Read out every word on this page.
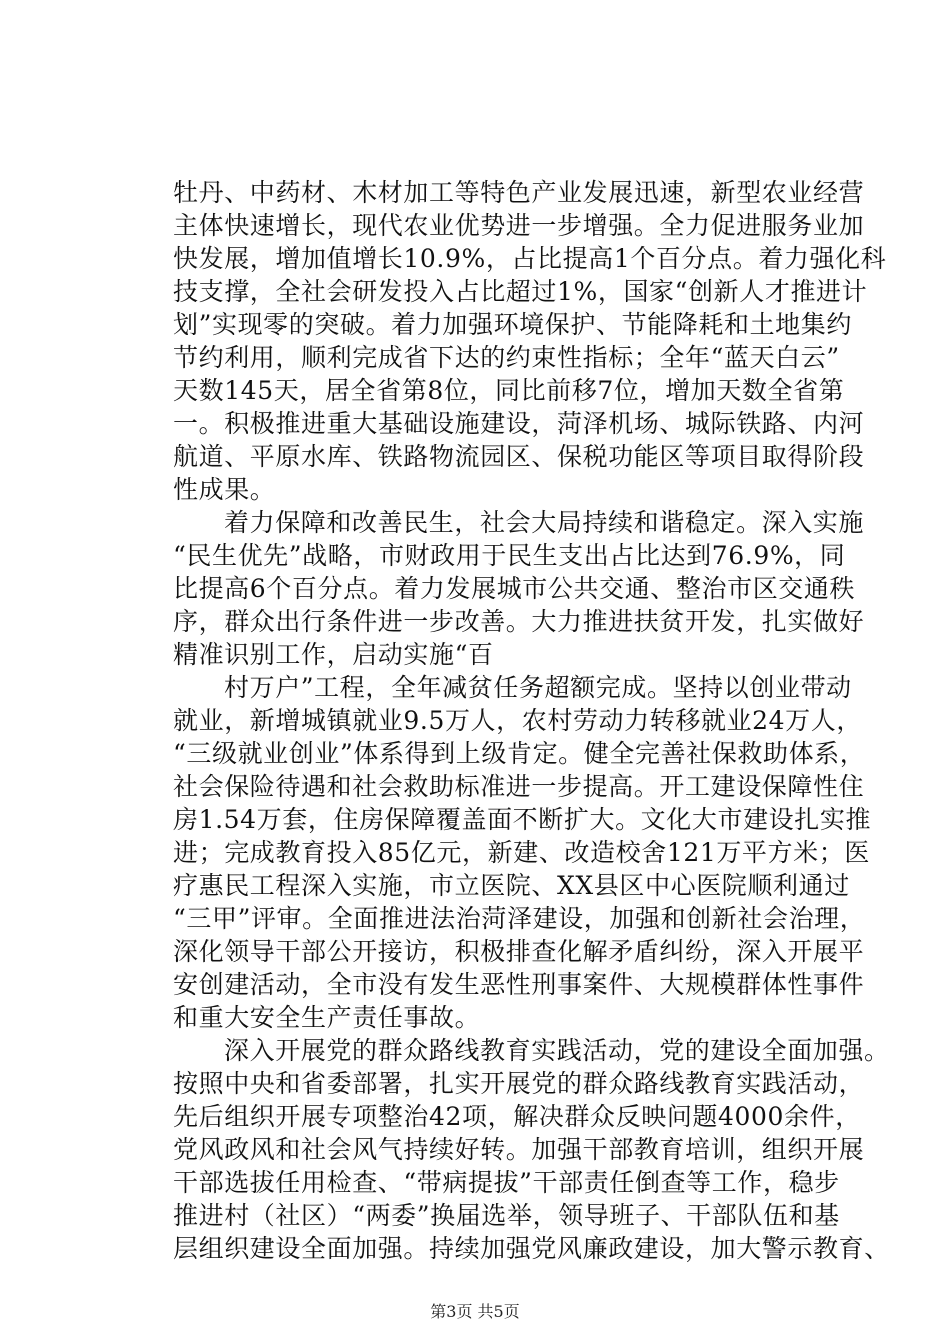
牡丹、中药材、木材加工等特色产业发展迅速，新型农业经营
主体快速增长，现代农业优势进一步增强。全力促进服务业加
快发展，增加值增长10.9%，占比提高1个百分点。着力强化科
技支撑，全社会研发投入占比超过1%，国家“创新人才推进计
划”实现零的突破。着力加强环境保护、节能降耗和土地集约
节约利用，顺利完成省下达的约束性指标；全年“蓝天白云”
天数145天，居全省第8位，同比前移7位，增加天数全省第
一。积极推进重大基础设施建设，菏泽机场、城际铁路、内河
航道、平原水库、铁路物流园区、保税功能区等项目取得阶段
性成果。
着力保障和改善民生，社会大局持续和谐稳定。深入实施
“民生优先”战略，市财政用于民生支出占比达到76.9%，同
比提高6个百分点。着力发展城市公共交通、整治市区交通秩
序，群众出行条件进一步改善。大力推进扶贫开发，扎实做好
精准识别工作，启动实施“百
村万户”工程，全年减贫任务超额完成。坚持以创业带动
就业，新增城镇就业9.5万人，农村劳动力转移就业24万人，
“三级就业创业”体系得到上级肯定。健全完善社保救助体系，
社会保险待遇和社会救助标准进一步提高。开工建设保障性住
房1.54万套，住房保障覆盖面不断扩大。文化大市建设扎实推
进；完成教育投入85亿元，新建、改造校舍121万平方米；医
疗惠民工程深入实施，市立医院、XX县区中心医院顺利通过
“三甲”评审。全面推进法治菏泽建设，加强和创新社会治理，
深化领导干部公开接访，积极排查化解矛盾纠纷，深入开展平
安创建活动，全市没有发生恶性刑事案件、大规模群体性事件
和重大安全生产责任事故。
深入开展党的群众路线教育实践活动，党的建设全面加强。
按照中央和省委部署，扎实开展党的群众路线教育实践活动，
先后组织开展专项整治42项，解决群众反映问题4000余件，
党风政风和社会风气持续好转。加强干部教育培训，组织开展
干部选拔任用检查、“带病提拔”干部责任倒查等工作，稳步
推进村（社区）“两委”换届选举，领导班子、干部队伍和基
层组织建设全面加强。持续加强党风廉政建设，加大警示教育、
第3页 共5页
